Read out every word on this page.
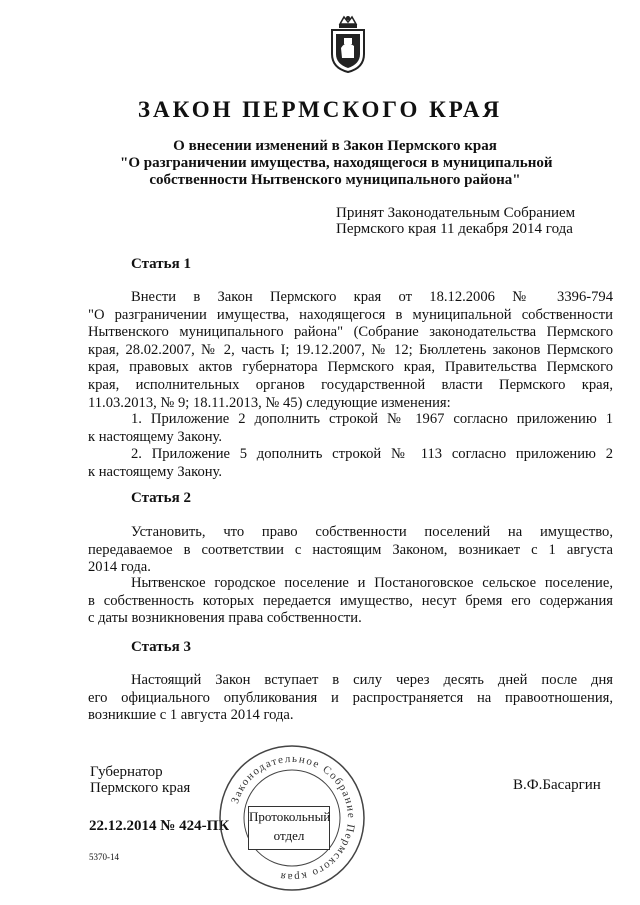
ЗАКОН ПЕРМСКОГО КРАЯ
О внесении изменений в Закон Пермского края
"О разграничении имущества, находящегося в муниципальной
собственности Нытвенского муниципального района"
Принят Законодательным Собранием
Пермского края 11 декабря 2014 года
Статья 1
Внести в Закон Пермского края от 18.12.2006 № 3396-794
"О разграничении имущества, находящегося в муниципальной собственности
Нытвенского муниципального района" (Собрание законодательства Пермского
края, 28.02.2007, № 2, часть I; 19.12.2007, № 12; Бюллетень законов Пермского
края, правовых актов губернатора Пермского края, Правительства Пермского
края, исполнительных органов государственной власти Пермского края,
11.03.2013, № 9; 18.11.2013, № 45) следующие изменения:
1. Приложение 2 дополнить строкой № 1967 согласно приложению 1
к настоящему Закону.
2. Приложение 5 дополнить строкой № 113 согласно приложению 2
к настоящему Закону.
Статья 2
Установить, что право собственности поселений на имущество,
передаваемое в соответствии с настоящим Законом, возникает с 1 августа
2014 года.
Нытвенское городское поселение и Постаноговское сельское поселение,
в собственность которых передается имущество, несут бремя его содержания
с даты возникновения права собственности.
Статья 3
Настоящий Закон вступает в силу через десять дней после дня
его официального опубликования и распространяется на правоотношения,
возникшие с 1 августа 2014 года.
Губернатор
Пермского края	В.Ф.Басаргин
22.12.2014 № 424-ПК
5370-14
Законодательное Собрание Пермского края
Протокольный
отдел
